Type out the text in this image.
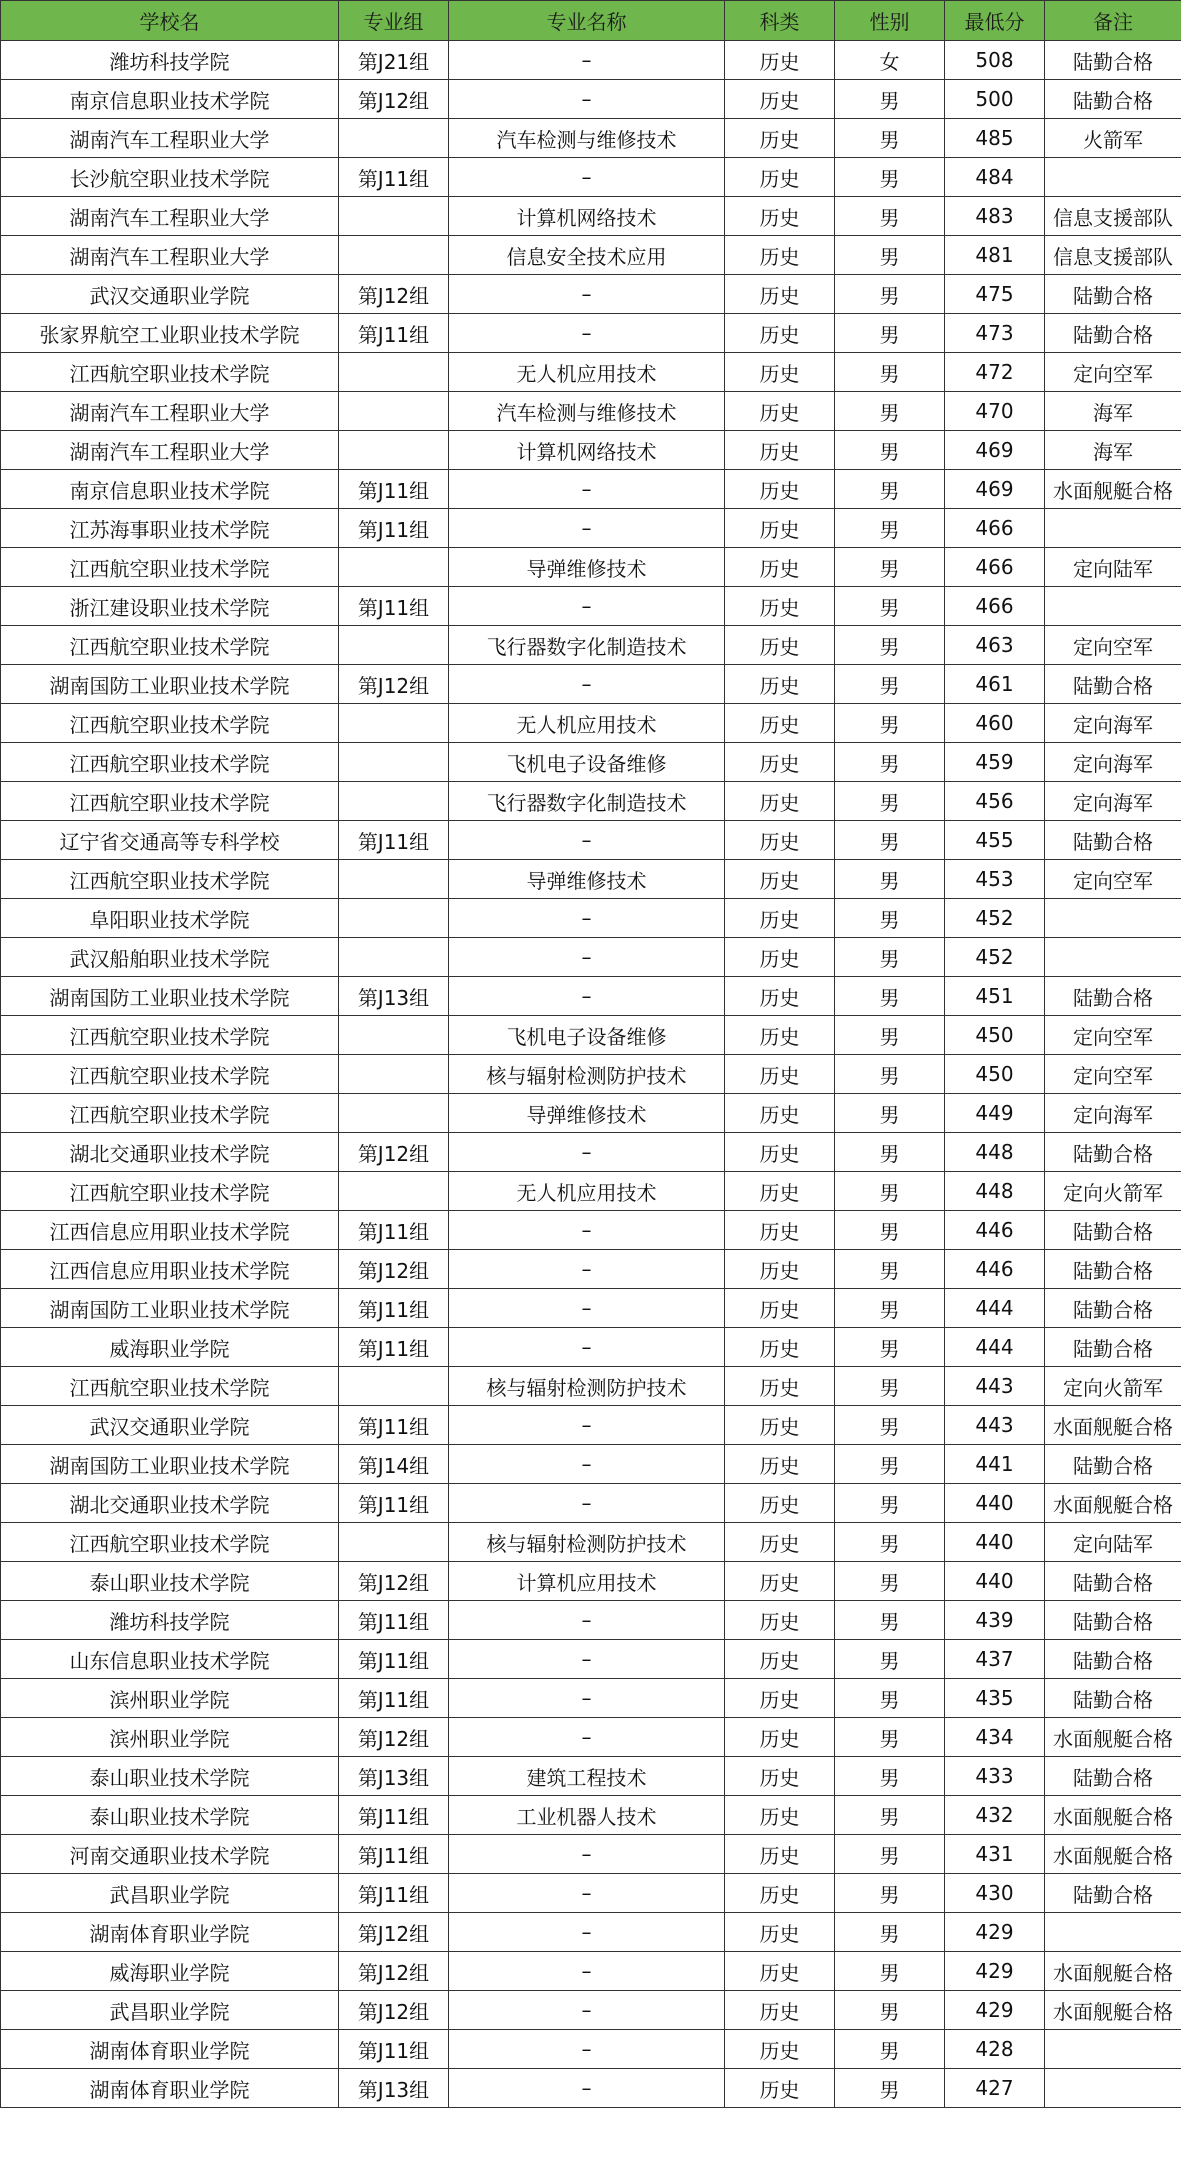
学校名	专业组	专业名称	科类	性别	最低分	备注
潍坊科技学院	第J21组	–	历史	女	508	陆勤合格
南京信息职业技术学院	第J12组	–	历史	男	500	陆勤合格
湖南汽车工程职业大学		汽车检测与维修技术	历史	男	485	火箭军
长沙航空职业技术学院	第J11组	–	历史	男	484	
湖南汽车工程职业大学		计算机网络技术	历史	男	483	信息支援部队
湖南汽车工程职业大学		信息安全技术应用	历史	男	481	信息支援部队
武汉交通职业学院	第J12组	–	历史	男	475	陆勤合格
张家界航空工业职业技术学院	第J11组	–	历史	男	473	陆勤合格
江西航空职业技术学院		无人机应用技术	历史	男	472	定向空军
湖南汽车工程职业大学		汽车检测与维修技术	历史	男	470	海军
湖南汽车工程职业大学		计算机网络技术	历史	男	469	海军
南京信息职业技术学院	第J11组	–	历史	男	469	水面舰艇合格
江苏海事职业技术学院	第J11组	–	历史	男	466	
江西航空职业技术学院		导弹维修技术	历史	男	466	定向陆军
浙江建设职业技术学院	第J11组	–	历史	男	466	
江西航空职业技术学院		飞行器数字化制造技术	历史	男	463	定向空军
湖南国防工业职业技术学院	第J12组	–	历史	男	461	陆勤合格
江西航空职业技术学院		无人机应用技术	历史	男	460	定向海军
江西航空职业技术学院		飞机电子设备维修	历史	男	459	定向海军
江西航空职业技术学院		飞行器数字化制造技术	历史	男	456	定向海军
辽宁省交通高等专科学校	第J11组	–	历史	男	455	陆勤合格
江西航空职业技术学院		导弹维修技术	历史	男	453	定向空军
阜阳职业技术学院		–	历史	男	452	
武汉船舶职业技术学院		–	历史	男	452	
湖南国防工业职业技术学院	第J13组	–	历史	男	451	陆勤合格
江西航空职业技术学院		飞机电子设备维修	历史	男	450	定向空军
江西航空职业技术学院		核与辐射检测防护技术	历史	男	450	定向空军
江西航空职业技术学院		导弹维修技术	历史	男	449	定向海军
湖北交通职业技术学院	第J12组	–	历史	男	448	陆勤合格
江西航空职业技术学院		无人机应用技术	历史	男	448	定向火箭军
江西信息应用职业技术学院	第J11组	–	历史	男	446	陆勤合格
江西信息应用职业技术学院	第J12组	–	历史	男	446	陆勤合格
湖南国防工业职业技术学院	第J11组	–	历史	男	444	陆勤合格
威海职业学院	第J11组	–	历史	男	444	陆勤合格
江西航空职业技术学院		核与辐射检测防护技术	历史	男	443	定向火箭军
武汉交通职业学院	第J11组	–	历史	男	443	水面舰艇合格
湖南国防工业职业技术学院	第J14组	–	历史	男	441	陆勤合格
湖北交通职业技术学院	第J11组	–	历史	男	440	水面舰艇合格
江西航空职业技术学院		核与辐射检测防护技术	历史	男	440	定向陆军
泰山职业技术学院	第J12组	计算机应用技术	历史	男	440	陆勤合格
潍坊科技学院	第J11组	–	历史	男	439	陆勤合格
山东信息职业技术学院	第J11组	–	历史	男	437	陆勤合格
滨州职业学院	第J11组	–	历史	男	435	陆勤合格
滨州职业学院	第J12组	–	历史	男	434	水面舰艇合格
泰山职业技术学院	第J13组	建筑工程技术	历史	男	433	陆勤合格
泰山职业技术学院	第J11组	工业机器人技术	历史	男	432	水面舰艇合格
河南交通职业技术学院	第J11组	–	历史	男	431	水面舰艇合格
武昌职业学院	第J11组	–	历史	男	430	陆勤合格
湖南体育职业学院	第J12组	–	历史	男	429	
威海职业学院	第J12组	–	历史	男	429	水面舰艇合格
武昌职业学院	第J12组	–	历史	男	429	水面舰艇合格
湖南体育职业学院	第J11组	–	历史	男	428	
湖南体育职业学院	第J13组	–	历史	男	427	
